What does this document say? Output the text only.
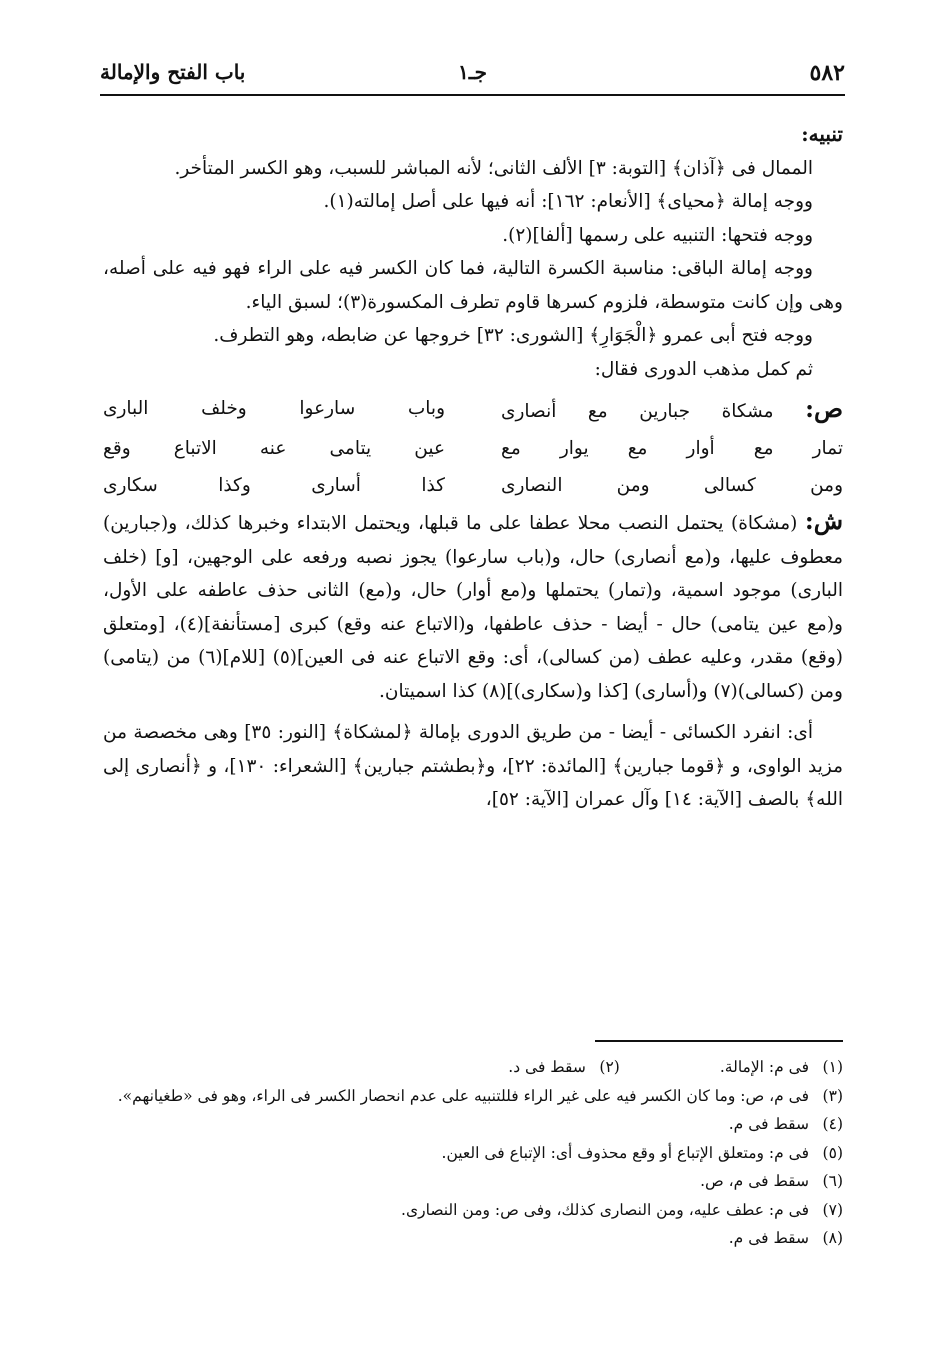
٥٨٢
جـ١
باب الفتح والإمالة

تنبيه:

الممال فى ﴿آذان﴾ [التوبة: ٣] الألف الثانى؛ لأنه المباشر للسبب، وهو الكسر المتأخر.

ووجه إمالة ﴿محياى﴾ [الأنعام: ١٦٢]: أنه فيها على أصل إمالته(١).

ووجه فتحها: التنبيه على رسمها [ألفا](٢).

ووجه إمالة الباقى: مناسبة الكسرة التالية، فما كان الكسر فيه على الراء فهو فيه على أصله، وهى وإن كانت متوسطة، فلزوم كسرها قاوم تطرف المكسورة(٣)؛ لسبق الياء.

ووجه فتح أبى عمرو ﴿الْجَوَارِ﴾ [الشورى: ٣٢] خروجها عن ضابطه، وهو التطرف.

ثم كمل مذهب الدورى فقال:

ص: مشكاة جبارين مع أنصارى
وباب سارعوا وخلف البارى
تمار مع أوار مع يوار مع
عين يتامى عنه الاتباع وقع
ومن كسالى ومن النصارى
كذا أسارى وكذا سكارى

ش: (مشكاة) يحتمل النصب محلا عطفا على ما قبلها، ويحتمل الابتداء وخبرها كذلك، و(جبارين) معطوف عليها، و(مع أنصارى) حال، و(باب سارعوا) يجوز نصبه ورفعه على الوجهين، [و] (خلف البارى) موجود اسمية، و(تمار) يحتملها و(مع أوار) حال، و(مع) الثانى حذف عاطفه على الأول، و(مع عين يتامى) حال - أيضا - حذف عاطفها، و(الاتباع عنه وقع) كبرى [مستأنفة](٤)، [ومتعلق (وقع) مقدر، وعليه عطف (من كسالى)، أى: وقع الاتباع عنه فى العين](٥) [للام](٦) من (يتامى) ومن (كسالى)(٧) و(أسارى) [كذا و(سكارى)](٨) كذا اسميتان.

أى: انفرد الكسائى - أيضا - من طريق الدورى بإمالة ﴿لمشكاة﴾ [النور: ٣٥] وهى مخصصة من مزيد الواوى، و ﴿قوما جبارين﴾ [المائدة: ٢٢]، و﴿بطشتم جبارين﴾ [الشعراء: ١٣٠]، و ﴿أنصارى إلى الله﴾ بالصف [الآية: ١٤] وآل عمران [الآية: ٥٢]،

(١)
فى م: الإمالة.
(٢)
سقط فى د.
(٣)
فى م، ص: وما كان الكسر فيه على غير الراء فللتنبيه على عدم انحصار الكسر فى الراء، وهو فى «طغيانهم».
(٤)
سقط فى م.
(٥)
فى م: ومتعلق الإتباع أو وقع محذوف أى: الإتباع فى العين.
(٦)
سقط فى م، ص.
(٧)
فى م: عطف عليه، ومن النصارى كذلك، وفى ص: ومن النصارى.
(٨)
سقط فى م.
